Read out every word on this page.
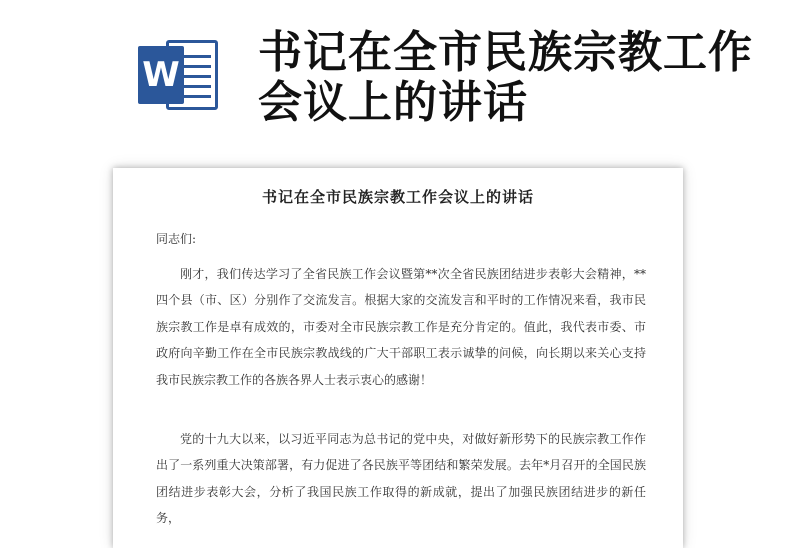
W 书记在全市民族宗教工作会议上的讲话
书记在全市民族宗教工作会议上的讲话
同志们:
刚才，我们传达学习了全省民族工作会议暨第**次全省民族团结进步表彰大会精神，**四个县（市、区）分别作了交流发言。根据大家的交流发言和平时的工作情况来看，我市民族宗教工作是卓有成效的，市委对全市民族宗教工作是充分肯定的。值此，我代表市委、市政府向辛勤工作在全市民族宗教战线的广大干部职工表示诚挚的问候，向长期以来关心支持我市民族宗教工作的各族各界人士表示衷心的感谢！
党的十九大以来，以习近平同志为总书记的党中央，对做好新形势下的民族宗教工作作出了一系列重大决策部署，有力促进了各民族平等团结和繁荣发展。去年*月召开的全国民族团结进步表彰大会，分析了我国民族工作取得的新成就，提出了加强民族团结进步的新任务，
